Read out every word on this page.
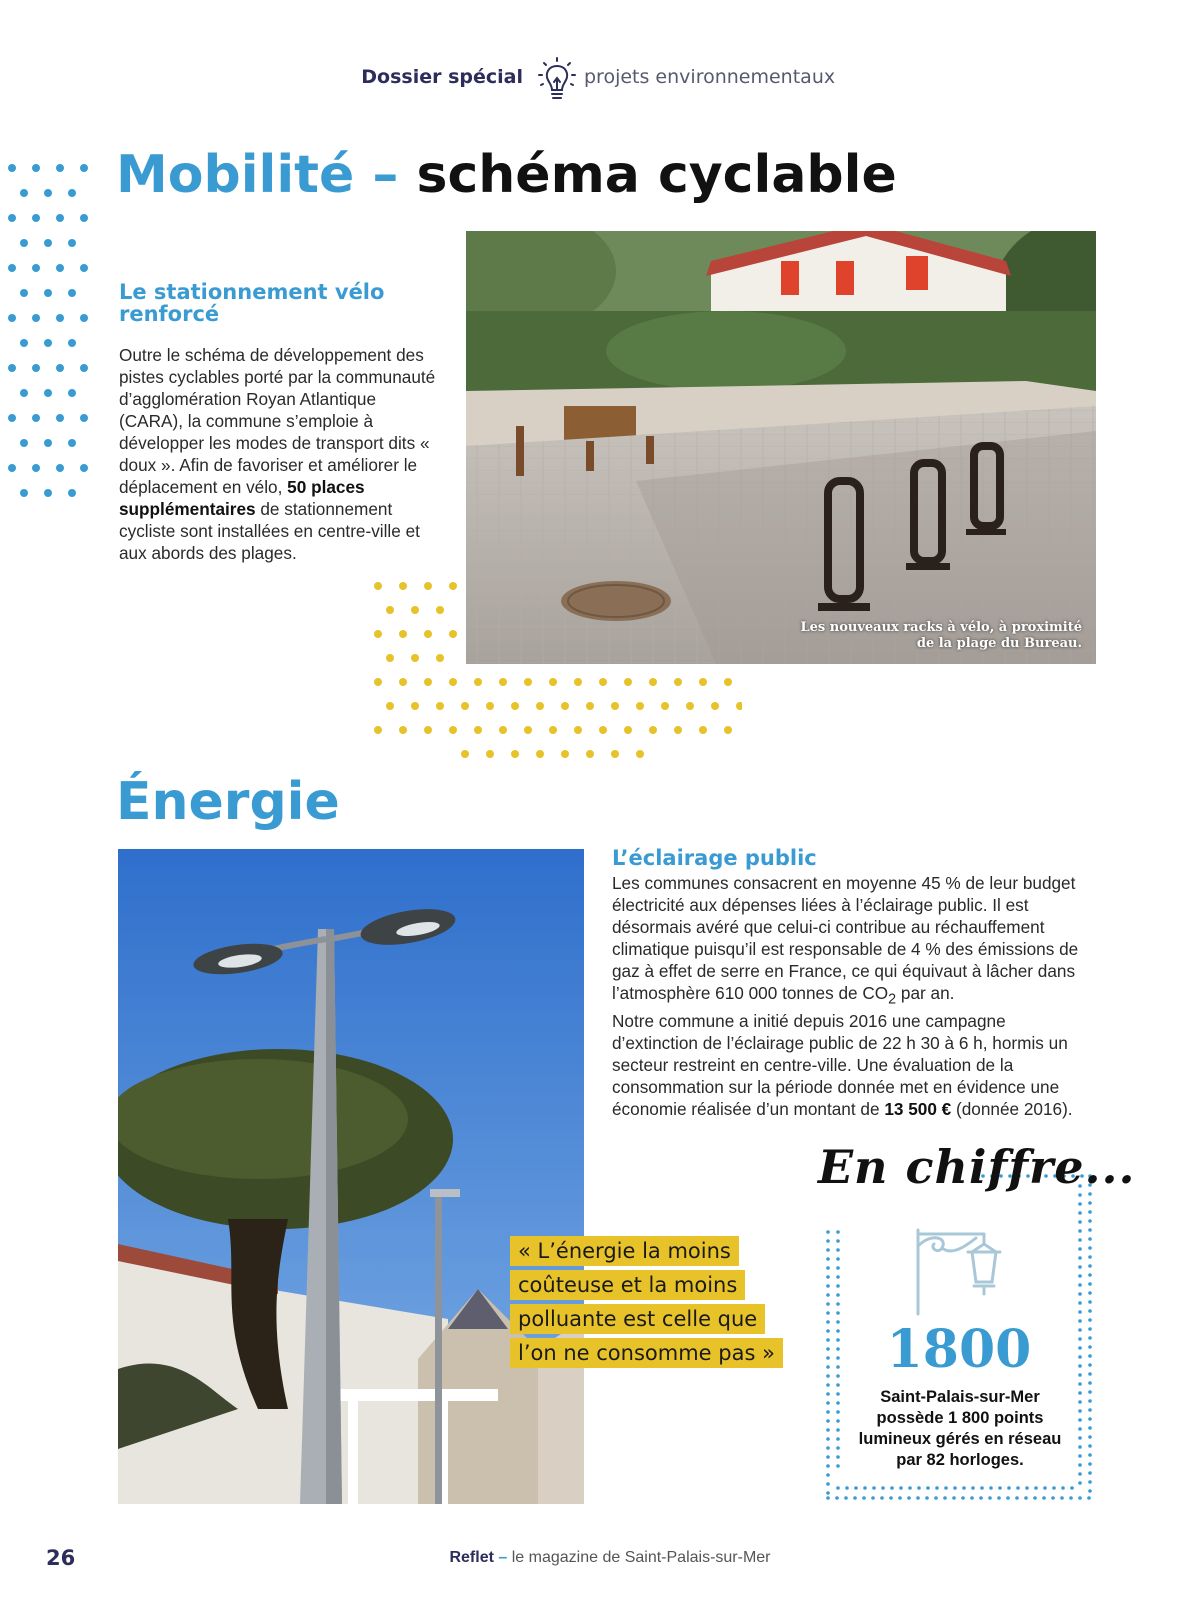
Dossier spécial	projets environnementaux
Mobilité – schéma cyclable
Le stationnement vélo renforcé
Outre le schéma de développement des pistes cyclables porté par la communauté d’agglomération Royan Atlantique (CARA), la commune s’emploie à développer les modes de transport dits « doux ». Afin de favoriser et améliorer le déplacement en vélo, 50 places supplémentaires de stationnement cycliste sont installées en centre-ville et aux abords des plages.
Les nouveaux racks à vélo, à proximité
de la plage du Bureau.
Énergie
L’éclairage public
Les communes consacrent en moyenne 45 % de leur budget électricité aux dépenses liées à l’éclairage public. Il est désormais avéré que celui-ci contribue au réchauffement climatique puisqu’il est responsable de 4 % des émissions de gaz à effet de serre en France, ce qui équivaut à lâcher dans l’atmosphère 610 000 tonnes de $CO_2$ par an.
Notre commune a initié depuis 2016 une campagne d’extinction de l’éclairage public de 22 h 30 à 6 h, hormis un secteur restreint en centre-ville. Une évaluation de la consommation sur la période donnée met en évidence une économie réalisée d’un montant de 13 500 € (donnée 2016).
« L’énergie la moins
coûteuse et la moins
polluante est celle que
l’on ne consomme pas »
En chiffre...
1800
Saint-Palais-sur-Mer possède 1 800 points lumineux gérés en réseau par 82 horloges.
26	Reflet – le magazine de Saint-Palais-sur-Mer
